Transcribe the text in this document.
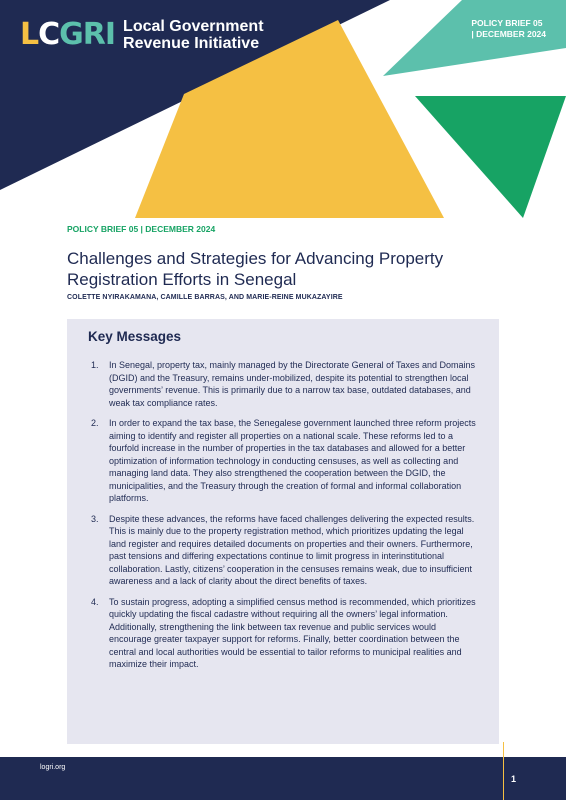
LCGRI Local Government
Revenue Initiative
POLICY BRIEF 05
| DECEMBER 2024
POLICY BRIEF 05 | DECEMBER 2024
Challenges and Strategies for Advancing Property Registration Efforts in Senegal
COLETTE NYIRAKAMANA, CAMILLE BARRAS, AND MARIE-REINE MUKAZAYIRE
Key Messages
1.	In Senegal, property tax, mainly managed by the Directorate General of Taxes and Domains (DGID) and the Treasury, remains under-mobilized, despite its potential to strengthen local governments’ revenue. This is primarily due to a narrow tax base, outdated databases, and weak tax compliance rates.
2.	In order to expand the tax base, the Senegalese government launched three reform projects aiming to identify and register all properties on a national scale. These reforms led to a fourfold increase in the number of properties in the tax databases and allowed for a better optimization of information technology in conducting censuses, as well as collecting and managing land data. They also strengthened the cooperation between the DGID, the municipalities, and the Treasury through the creation of formal and informal collaboration platforms.
3.	Despite these advances, the reforms have faced challenges delivering the expected results. This is mainly due to the property registration method, which prioritizes updating the legal land register and requires detailed documents on properties and their owners. Furthermore, past tensions and differing expectations continue to limit progress in interinstitutional collaboration. Lastly, citizens’ cooperation in the censuses remains weak, due to insufficient awareness and a lack of clarity about the direct benefits of taxes.
4.	To sustain progress, adopting a simplified census method is recommended, which prioritizes quickly updating the fiscal cadastre without requiring all the owners’ legal information. Additionally, strengthening the link between tax revenue and public services would encourage greater taxpayer support for reforms. Finally, better coordination between the central and local authorities would be essential to tailor reforms to municipal realities and maximize their impact.
logri.org
1
